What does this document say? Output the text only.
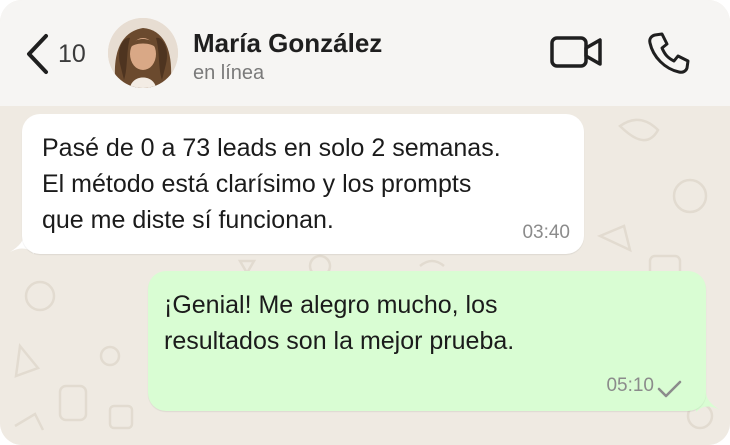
10	María González
en línea
Pasé de 0 a 73 leads en solo 2 semanas.
El método está clarísimo y los prompts
que me diste sí funcionan.	03:40
¡Genial! Me alegro mucho, los
resultados son la mejor prueba.
05:10
